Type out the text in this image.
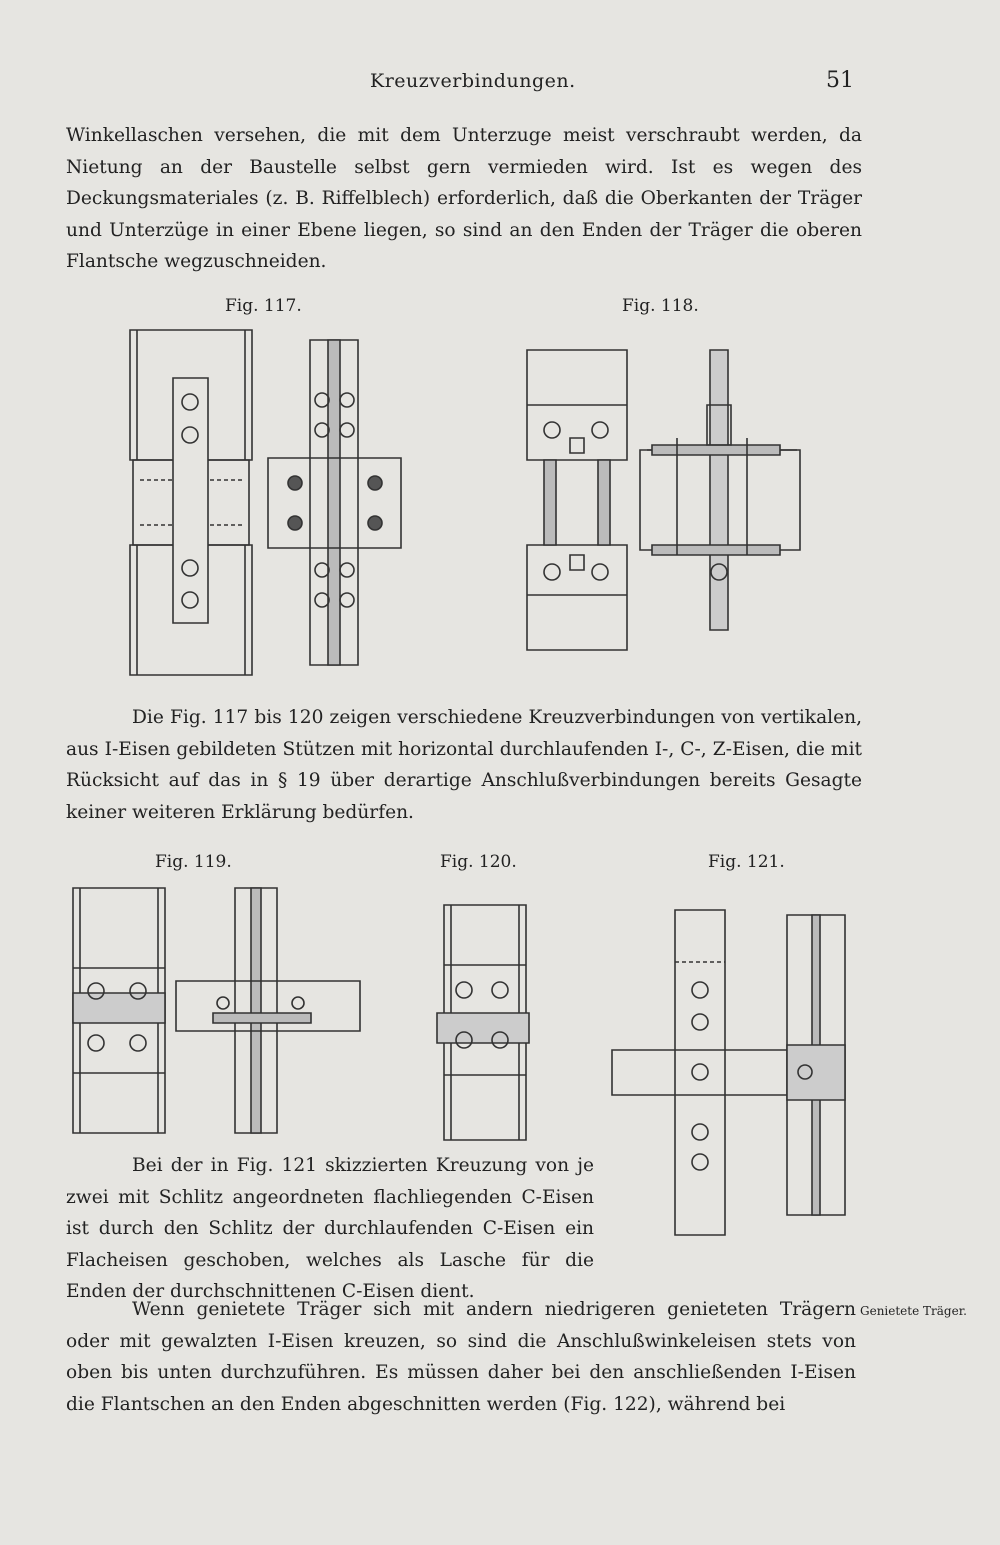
Kreuzverbindungen.	51
Winkellaschen versehen, die mit dem Unterzuge meist verschraubt werden, da Nietung an der Baustelle selbst gern vermieden wird. Ist es wegen des Deckungsmateriales (z. B. Riffelblech) erforderlich, daß die Oberkanten der Träger und Unterzüge in einer Ebene liegen, so sind an den Enden der Träger die oberen Flantsche wegzuschneiden.
Fig. 117.	Fig. 118.
Die Fig. 117 bis 120 zeigen verschiedene Kreuzverbindungen von vertikalen, aus I-Eisen gebildeten Stützen mit horizontal durchlaufenden I-, C-, Z-Eisen, die mit Rücksicht auf das in § 19 über derartige Anschlußverbindungen bereits Gesagte keiner weiteren Erklärung bedürfen.
Fig. 119.	Fig. 120.	Fig. 121.
Bei der in Fig. 121 skizzierten Kreuzung von je zwei mit Schlitz angeordneten flachliegenden C-Eisen ist durch den Schlitz der durchlaufenden C-Eisen ein Flacheisen geschoben, welches als Lasche für die Enden der durchschnittenen C-Eisen dient.
Wenn genietete Träger sich mit andern niedrigeren genieteten Trägern oder mit gewalzten I-Eisen kreuzen, so sind die Anschlußwinkeleisen stets von oben bis unten durchzuführen. Es müssen daher bei den anschließenden I-Eisen die Flantschen an den Enden abgeschnitten werden (Fig. 122), während bei
Genietete Träger.
